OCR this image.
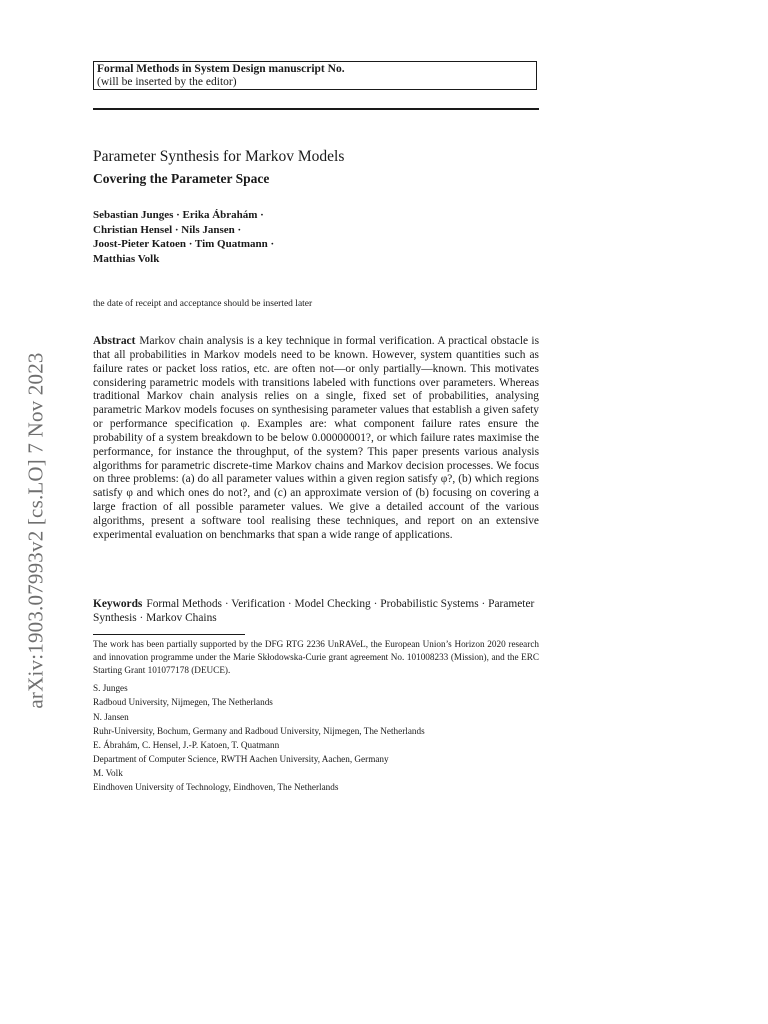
arXiv:1903.07993v2 [cs.LO] 7 Nov 2023
Formal Methods in System Design manuscript No.
(will be inserted by the editor)
Parameter Synthesis for Markov Models
Covering the Parameter Space
Sebastian Junges · Erika Ábrahám ·
Christian Hensel · Nils Jansen ·
Joost-Pieter Katoen · Tim Quatmann ·
Matthias Volk
the date of receipt and acceptance should be inserted later

Abstract Markov chain analysis is a key technique in formal verification. A practical obstacle is that all probabilities in Markov models need to be known. However, system quantities such as failure rates or packet loss ratios, etc. are often not—or only partially—known. This motivates considering parametric models with transitions labeled with functions over parameters. Whereas traditional Markov chain analysis relies on a single, fixed set of probabilities, analysing parametric Markov models focuses on synthesising parameter values that establish a given safety or performance specification φ. Examples are: what component failure rates ensure the probability of a system breakdown to be below 0.00000001?, or which failure rates maximise the performance, for instance the throughput, of the system? This paper presents various analysis algorithms for parametric discrete-time Markov chains and Markov decision processes. We focus on three problems: (a) do all parameter values within a given region satisfy φ?, (b) which regions satisfy φ and which ones do not?, and (c) an approximate version of (b) focusing on covering a large fraction of all possible parameter values. We give a detailed account of the various algorithms, present a software tool realising these techniques, and report on an extensive experimental evaluation on benchmarks that span a wide range of applications.

Keywords Formal Methods · Verification · Model Checking · Probabilistic Systems · Parameter Synthesis · Markov Chains

The work has been partially supported by the DFG RTG 2236 UnRAVeL, the European Union’s Horizon 2020 research and innovation programme under the Marie Skłodowska-Curie grant agreement No. 101008233 (Mission), and the ERC Starting Grant 101077178 (DEUCE).

S. Junges
Radboud University, Nijmegen, The Netherlands
N. Jansen
Ruhr-University, Bochum, Germany and Radboud University, Nijmegen, The Netherlands
E. Ábrahám, C. Hensel, J.-P. Katoen, T. Quatmann
Department of Computer Science, RWTH Aachen University, Aachen, Germany
M. Volk
Eindhoven University of Technology, Eindhoven, The Netherlands
